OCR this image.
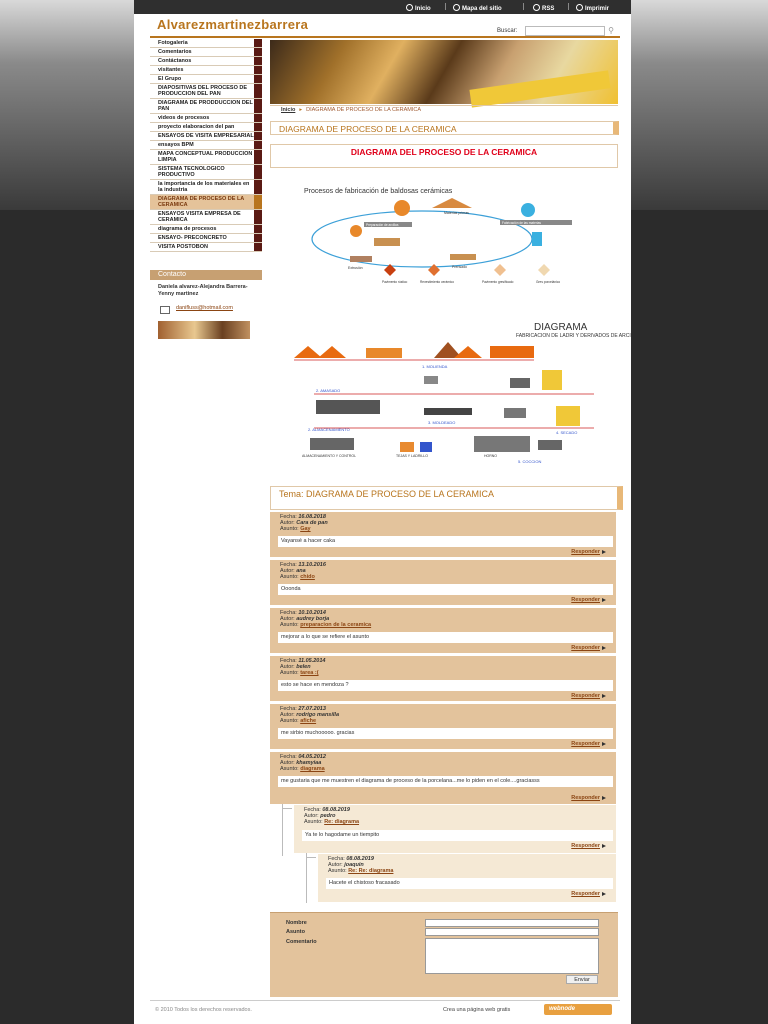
Inicio	Mapa del sitio	RSS	Imprimir
Alvarezmartinezbarrera	Buscar:	⚲
Fotogaleria
Comentarios
Contáctanos
visitantes
El Grupo
DIAPOSITIVAS DEL PROCESO DE PRODUCCION DEL PAN
DIAGRAMA DE PRODDUCCION DEL PAN
videos de procesos
proyecto elaboracion del pan
ENSAYOS DE VISITA EMPRESARIAL
ensayos BPM
MAPA CONCEPTUAL PRODUCCION LIMPIA
SISTEMA TECNOLOGICO PRODUCTIVO
la importancia de los materiales en la industria
DIAGRAMA DE PROCESO DE LA CERAMICA
ENSAYOS VISITA EMPRESA DE CERAMICA
diagrama de procesos
ENSAYO- PRECONCRETO
VISITA POSTOBON
Contacto
Daniela alvarez-Alejandra Barrera-Yenny martinez
danifluss@hotmail.com
Inicio ▸ DIAGRAMA DE PROCESO DE LA CERAMICA
DIAGRAMA DE PROCESO DE LA CERAMICA
DIAGRAMA DEL PROCESO DE LA CERAMICA
Procesos de fabricación de baldosas cerámicas
Materias primas
Preparación de arcillas	Fabricación de las materias
Extrusión	Prensado
Pavimento rústico	Revestimiento cerámico	Pavimento gresificado	Gres porcelánico
DIAGRAMA
FABRICACION DE LADRI Y DERIVADOS DE ARCI
1. MOLIENDA
2. AMASADO
3. MOLDEADO
4. SECADO
2. ALMACENAMIENTO
ALMACENAMIENTO Y CONTROL	TEJAS Y LADRILLO	HORNO
5. COCCION
Tema: DIAGRAMA DE PROCESO DE LA CERAMICA
Fecha: 16.08.2018
Autor: Cara de pan
Asunto: Gay
Vayansé a hacer caka
Responder
Fecha: 13.10.2016
Autor: ana
Asunto: chido
Ooonda
Responder
Fecha: 10.10.2014
Autor: audrey borja
Asunto: preparacion de la ceramica
mejorar a lo que se refiere el asunto
Responder
Fecha: 11.05.2014
Autor: belen
Asunto: tarea :(
esto se hace en mendoza ?
Responder
Fecha: 27.07.2013
Autor: rodrigo mansilla
Asunto: afiche
me sirbio muchooooo. gracias
Responder
Fecha: 04.05.2012
Autor: khamyiaa
Asunto: diagrama
me gustaria que me muestren el diagrama de proceso de la porcelana...me lo piden en el cole....graciasss
Responder
Fecha: 08.08.2019
Autor: pedro
Asunto: Re: diagrama
Ya te lo hagodame un tiempito
Responder
Fecha: 08.08.2019
Autor: joaquin
Asunto: Re: Re: diagrama
Hacete el chistoso fracasado
Responder
Nombre
Asunto
Comentario
Enviar
© 2010 Todos los derechos reservados.	Crea una página web gratis	webnode
